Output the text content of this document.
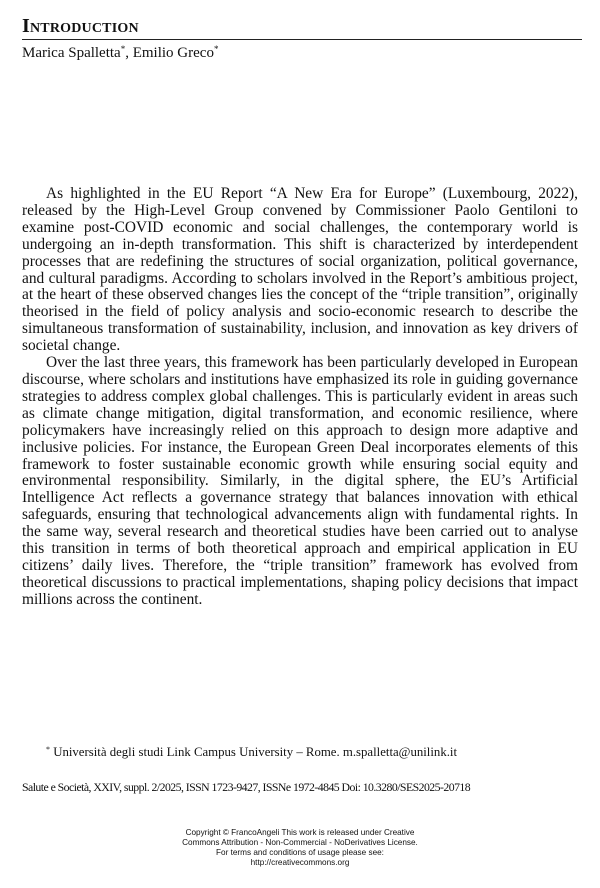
Introduction
Marica Spalletta*, Emilio Greco*

As highlighted in the EU Report “A New Era for Europe” (Luxembourg, 2022), released by the High-Level Group convened by Commissioner Paolo Gentiloni to examine post-COVID economic and social challenges, the contemporary world is undergoing an in-depth transformation. This shift is characterized by interdependent processes that are redefining the structures of social organization, political governance, and cultural paradigms. According to scholars involved in the Report’s ambitious project, at the heart of these observed changes lies the concept of the “triple transition”, originally theorised in the field of policy analysis and socio-economic research to describe the simultaneous transformation of sustainability, inclusion, and innovation as key drivers of societal change.

Over the last three years, this framework has been particularly developed in European discourse, where scholars and institutions have emphasized its role in guiding governance strategies to address complex global challenges. This is particularly evident in areas such as climate change mitigation, digital transformation, and economic resilience, where policymakers have increasingly relied on this approach to design more adaptive and inclusive policies. For instance, the European Green Deal incorporates elements of this framework to foster sustainable economic growth while ensuring social equity and environmental responsibility. Similarly, in the digital sphere, the EU’s Artificial Intelligence Act reflects a governance strategy that balances innovation with ethical safeguards, ensuring that technological advancements align with fundamental rights. In the same way, several research and theoretical studies have been carried out to analyse this transition in terms of both theoretical approach and empirical application in EU citizens’ daily lives. Therefore, the “triple transition” framework has evolved from theoretical discussions to practical implementations, shaping policy decisions that impact millions across the continent.

* Università degli studi Link Campus University – Rome. m.spalletta@unilink.it
Salute e Società, XXIV, suppl. 2/2025, ISSN 1723-9427, ISSNe 1972-4845 Doi: 10.3280/SES2025-20718
Copyright © FrancoAngeli This work is released under Creative
Commons Attribution - Non-Commercial - NoDerivatives License.
For terms and conditions of usage please see:
http://creativecommons.org
